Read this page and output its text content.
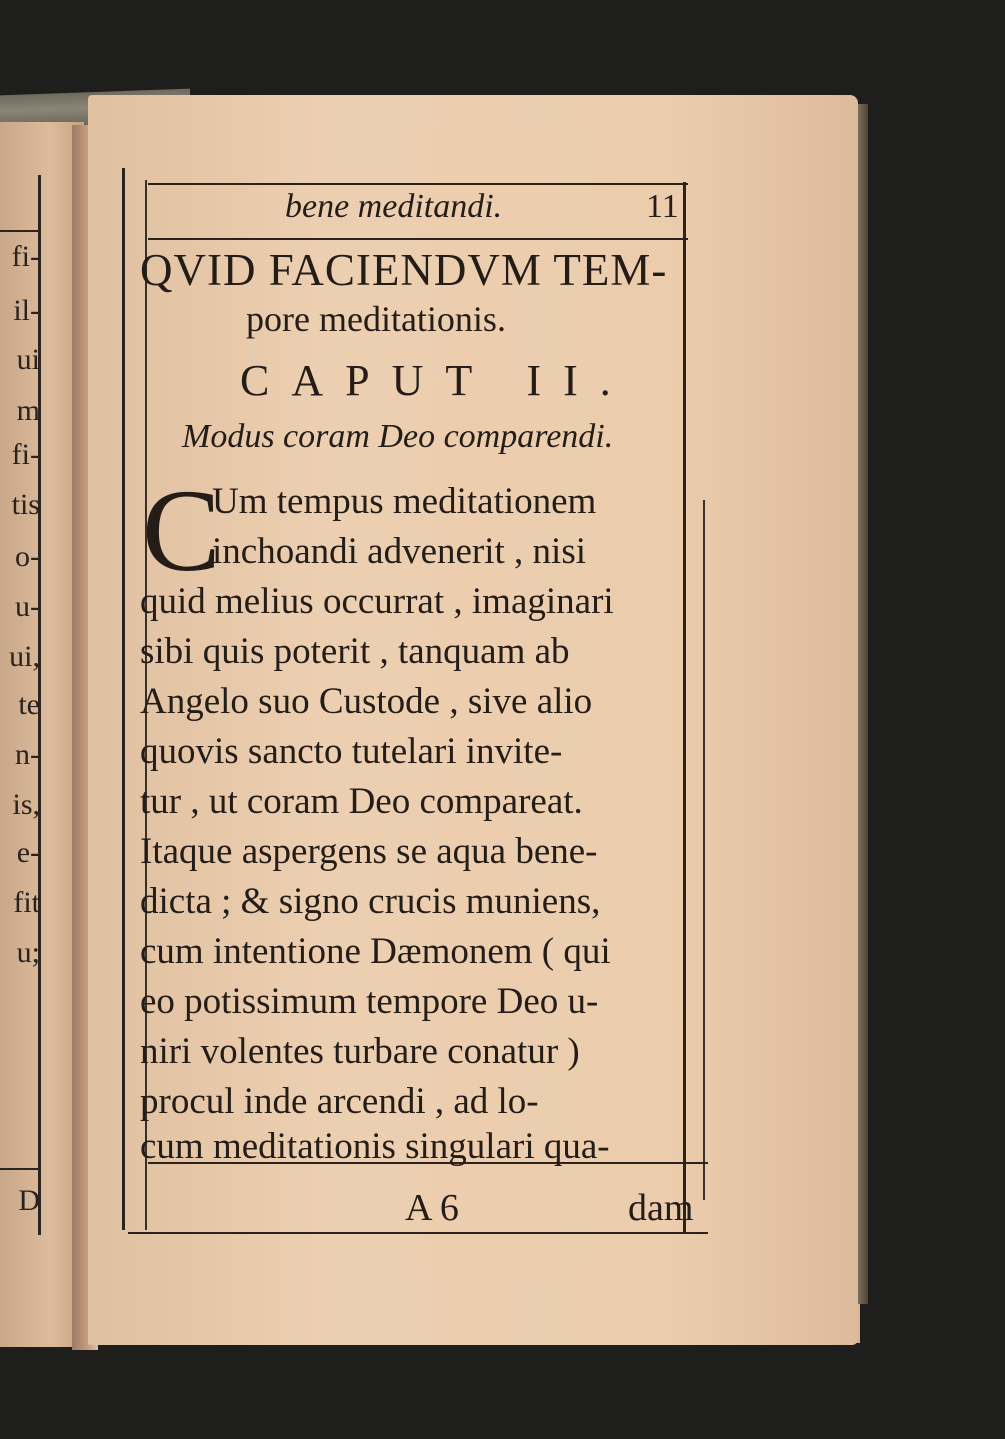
fi-
il-
ui
m
fi-
tis
o-
u-
ui,
te
n-
is,
e-
fit
u;
D
bene meditandi.	11
QVID FACIENDVM TEM-
pore meditationis.
CAPUT II.
Modus coram Deo comparendi.
C
Um tempus meditationem
inchoandi advenerit , nisi
quid melius occurrat , imaginari
sibi quis poterit , tanquam ab
Angelo suo Custode , sive alio
quovis sancto tutelari invite-
tur , ut coram Deo compareat.
Itaque aspergens se aqua bene-
dicta ; & signo crucis muniens,
cum intentione Dæmonem ( qui
eo potissimum tempore Deo u-
niri volentes turbare conatur )
procul inde arcendi , ad lo-
cum meditationis singulari qua-
A 6	dam
